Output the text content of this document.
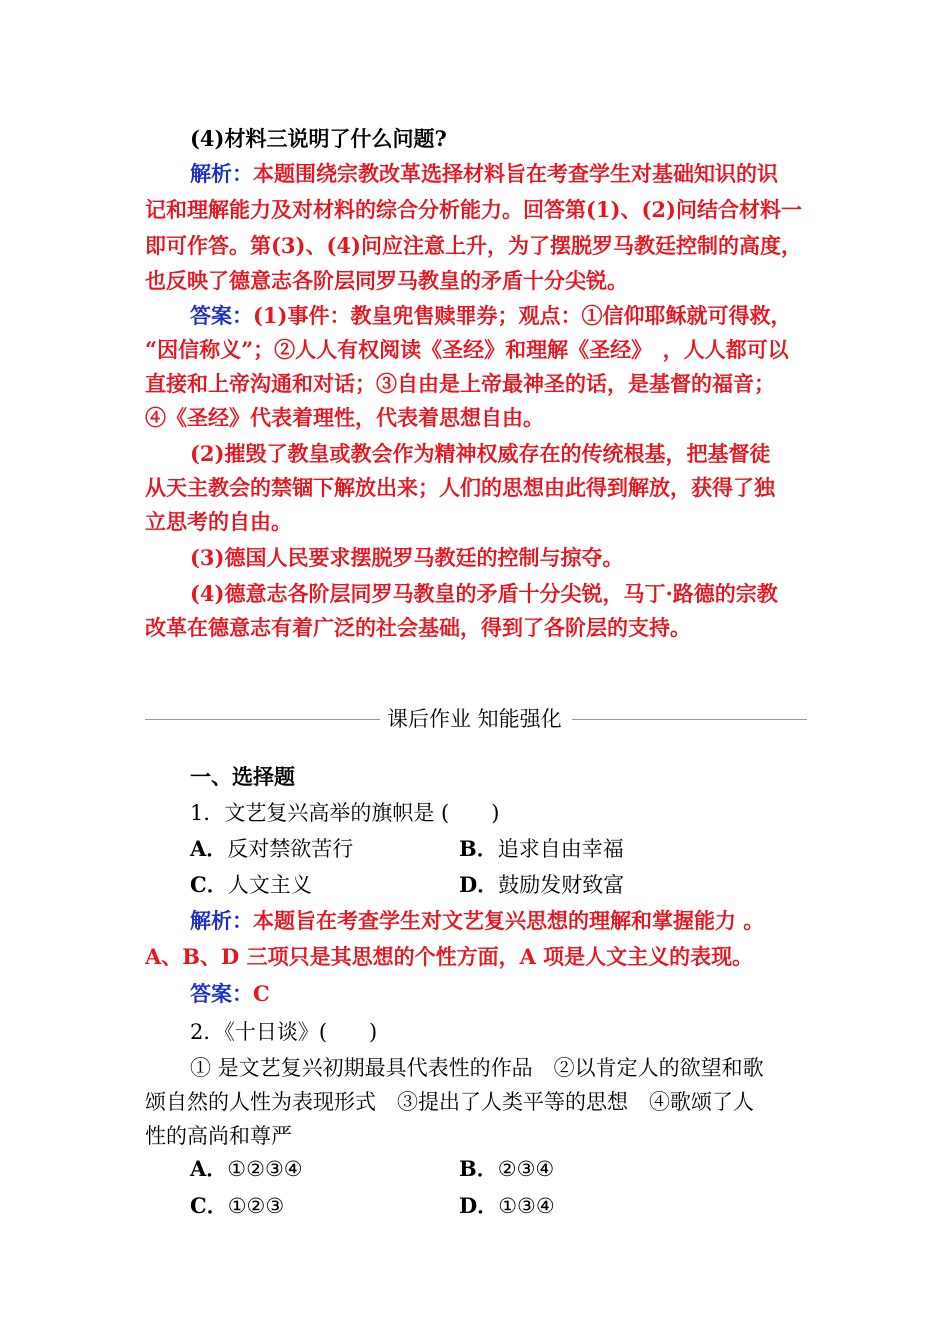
(4)材料三说明了什么问题?
解析：本题围绕宗教改革选择材料旨在考查学生对基础知识的识
记和理解能力及对材料的综合分析能力。回答第(1)、(2)问结合材料一
即可作答。第(3)、(4)问应注意上升，为了摆脱罗马教廷控制的高度，
也反映了德意志各阶层同罗马教皇的矛盾十分尖锐。
答案：(1)事件：教皇兜售赎罪券；观点：①信仰耶稣就可得救，
“因信称义”；②人人有权阅读《圣经》和理解《圣经》　，人人都可以
直接和上帝沟通和对话；③自由是上帝最神圣的话，是基督的福音；
④《圣经》代表着理性，代表着思想自由。
(2)摧毁了教皇或教会作为精神权威存在的传统根基，把基督徒
从天主教会的禁锢下解放出来；人们的思想由此得到解放，获得了独
立思考的自由。
(3)德国人民要求摆脱罗马教廷的控制与掠夺。
(4)德意志各阶层同罗马教皇的矛盾十分尖锐，马丁·路德的宗教
改革在德意志有着广泛的社会基础，得到了各阶层的支持。
课后作业 知能强化
一、选择题
1．文艺复兴高举的旗帜是 (　　)
A．反对禁欲苦行	B．追求自由幸福
C．人文主义	D．鼓励发财致富
解析：本题旨在考查学生对文艺复兴思想的理解和掌握能力 。
A、B、D 三项只是其思想的个性方面，A 项是人文主义的表现。
答案：C
2．《十日谈》(　　)
① 是文艺复兴初期最具代表性的作品　②以肯定人的欲望和歌
颂自然的人性为表现形式　③提出了人类平等的思想　④歌颂了人
性的高尚和尊严
A．①②③④	B．②③④
C．①②③	D．①③④
